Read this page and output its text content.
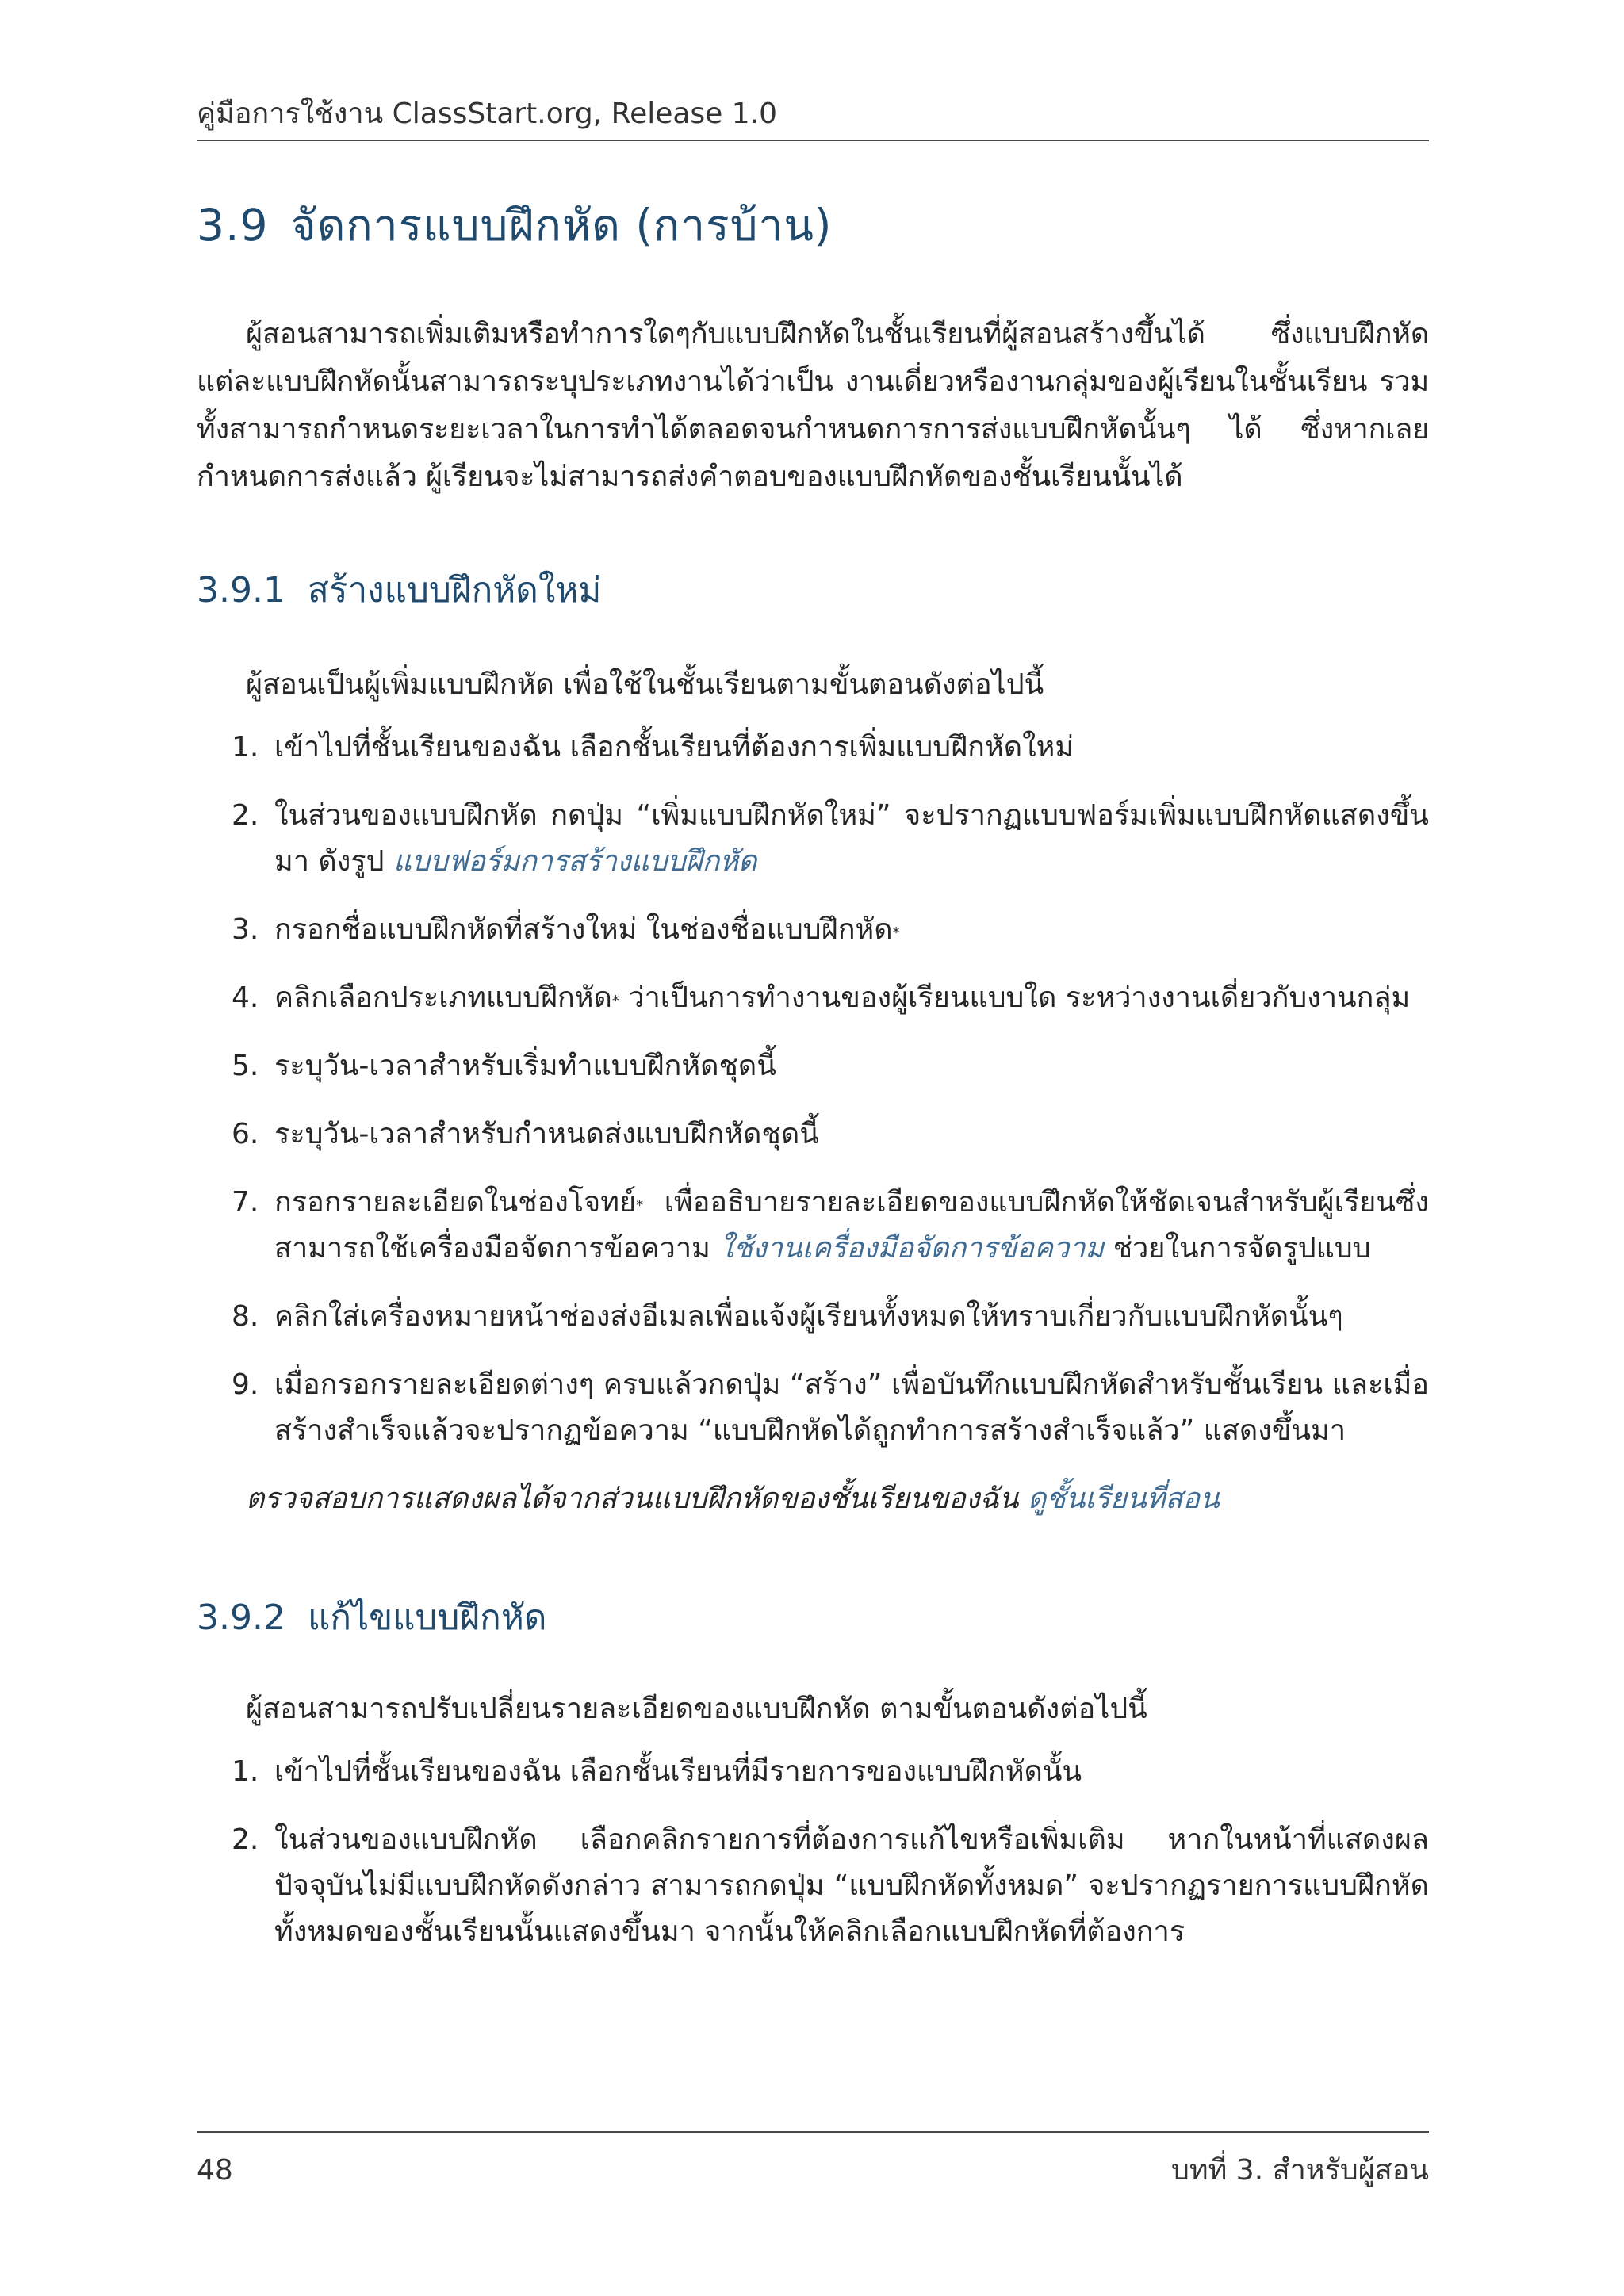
คู่มือการใช้งาน ClassStart.org, Release 1.0
3.9 จัดการแบบฝึกหัด (การบ้าน)

ผู้สอนสามารถเพิ่มเติมหรือทำการใดๆกับแบบฝึกหัดในชั้นเรียนที่ผู้สอนสร้างขึ้นได้ ซึ่งแบบฝึกหัดแต่ละแบบฝึกหัดนั้นสามารถระบุประเภทงานได้ว่าเป็น งานเดี่ยวหรืองานกลุ่มของผู้เรียนในชั้นเรียน รวมทั้งสามารถกำหนดระยะเวลาในการทำได้ตลอดจนกำหนดการการส่งแบบฝึกหัดนั้นๆ ได้ ซึ่งหากเลยกำหนดการส่งแล้ว ผู้เรียนจะไม่สามารถส่งคำตอบของแบบฝึกหัดของชั้นเรียนนั้นได้

3.9.1 สร้างแบบฝึกหัดใหม่

ผู้สอนเป็นผู้เพิ่มแบบฝึกหัด เพื่อใช้ในชั้นเรียนตามขั้นตอนดังต่อไปนี้

1. เข้าไปที่ชั้นเรียนของฉัน เลือกชั้นเรียนที่ต้องการเพิ่มแบบฝึกหัดใหม่
2. ในส่วนของแบบฝึกหัด กดปุ่ม “เพิ่มแบบฝึกหัดใหม่” จะปรากฏแบบฟอร์มเพิ่มแบบฝึกหัดแสดงขึ้นมา ดังรูป แบบฟอร์มการสร้างแบบฝึกหัด
3. กรอกชื่อแบบฝึกหัดที่สร้างใหม่ ในช่องชื่อแบบฝึกหัด*
4. คลิกเลือกประเภทแบบฝึกหัด* ว่าเป็นการทำงานของผู้เรียนแบบใด ระหว่างงานเดี่ยวกับงานกลุ่ม
5. ระบุวัน-เวลาสำหรับเริ่มทำแบบฝึกหัดชุดนี้
6. ระบุวัน-เวลาสำหรับกำหนดส่งแบบฝึกหัดชุดนี้
7. กรอกรายละเอียดในช่องโจทย์* เพื่ออธิบายรายละเอียดของแบบฝึกหัดให้ชัดเจนสำหรับผู้เรียนซึ่งสามารถใช้เครื่องมือจัดการข้อความ ใช้งานเครื่องมือจัดการข้อความ ช่วยในการจัดรูปแบบ
8. คลิกใส่เครื่องหมายหน้าช่องส่งอีเมลเพื่อแจ้งผู้เรียนทั้งหมดให้ทราบเกี่ยวกับแบบฝึกหัดนั้นๆ
9. เมื่อกรอกรายละเอียดต่างๆ ครบแล้วกดปุ่ม “สร้าง” เพื่อบันทึกแบบฝึกหัดสำหรับชั้นเรียน และเมื่อสร้างสำเร็จแล้วจะปรากฏข้อความ “แบบฝึกหัดได้ถูกทำการสร้างสำเร็จแล้ว” แสดงขึ้นมา

ตรวจสอบการแสดงผลได้จากส่วนแบบฝึกหัดของชั้นเรียนของฉัน ดูชั้นเรียนที่สอน

3.9.2 แก้ไขแบบฝึกหัด

ผู้สอนสามารถปรับเปลี่ยนรายละเอียดของแบบฝึกหัด ตามขั้นตอนดังต่อไปนี้

1. เข้าไปที่ชั้นเรียนของฉัน เลือกชั้นเรียนที่มีรายการของแบบฝึกหัดนั้น
2. ในส่วนของแบบฝึกหัด เลือกคลิกรายการที่ต้องการแก้ไขหรือเพิ่มเติม หากในหน้าที่แสดงผลปัจจุบันไม่มีแบบฝึกหัดดังกล่าว สามารถกดปุ่ม “แบบฝึกหัดทั้งหมด” จะปรากฏรายการแบบฝึกหัดทั้งหมดของชั้นเรียนนั้นแสดงขึ้นมา จากนั้นให้คลิกเลือกแบบฝึกหัดที่ต้องการ
48	บทที่ 3. สำหรับผู้สอน
